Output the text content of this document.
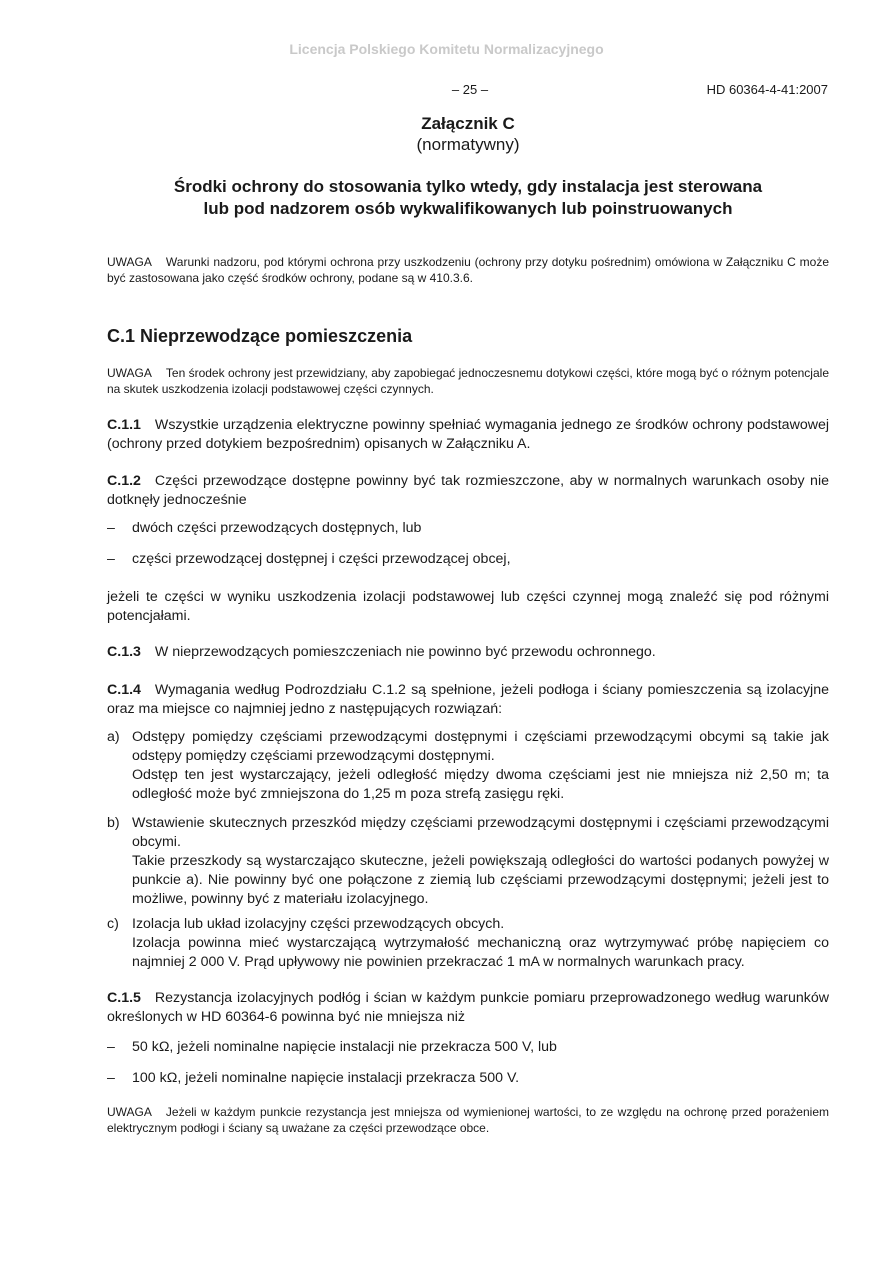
Licencja Polskiego Komitetu Normalizacyjnego
– 25 –	HD 60364-4-41:2007
Załącznik C
(normatywny)
Środki ochrony do stosowania tylko wtedy, gdy instalacja jest sterowana
lub pod nadzorem osób wykwalifikowanych lub poinstruowanych
UWAGA Warunki nadzoru, pod którymi ochrona przy uszkodzeniu (ochrony przy dotyku pośrednim) omówiona w Załączniku C może być zastosowana jako część środków ochrony, podane są w 410.3.6.
C.1 Nieprzewodzące pomieszczenia
UWAGA Ten środek ochrony jest przewidziany, aby zapobiegać jednoczesnemu dotykowi części, które mogą być o różnym potencjale na skutek uszkodzenia izolacji podstawowej części czynnych.
C.1.1 Wszystkie urządzenia elektryczne powinny spełniać wymagania jednego ze środków ochrony podstawowej (ochrony przed dotykiem bezpośrednim) opisanych w Załączniku A.
C.1.2 Części przewodzące dostępne powinny być tak rozmieszczone, aby w normalnych warunkach osoby nie dotknęły jednocześnie
– dwóch części przewodzących dostępnych, lub
– części przewodzącej dostępnej i części przewodzącej obcej,
jeżeli te części w wyniku uszkodzenia izolacji podstawowej lub części czynnej mogą znaleźć się pod różnymi potencjałami.
C.1.3 W nieprzewodzących pomieszczeniach nie powinno być przewodu ochronnego.
C.1.4 Wymagania według Podrozdziału C.1.2 są spełnione, jeżeli podłoga i ściany pomieszczenia są izolacyjne oraz ma miejsce co najmniej jedno z następujących rozwiązań:
a) Odstępy pomiędzy częściami przewodzącymi dostępnymi i częściami przewodzącymi obcymi są takie jak odstępy pomiędzy częściami przewodzącymi dostępnymi.
Odstęp ten jest wystarczający, jeżeli odległość między dwoma częściami jest nie mniejsza niż 2,50 m; ta odległość może być zmniejszona do 1,25 m poza strefą zasięgu ręki.
b) Wstawienie skutecznych przeszkód między częściami przewodzącymi dostępnymi i częściami przewodzącymi obcymi.
Takie przeszkody są wystarczająco skuteczne, jeżeli powiększają odległości do wartości podanych powyżej w punkcie a). Nie powinny być one połączone z ziemią lub częściami przewodzącymi dostępnymi; jeżeli jest to możliwe, powinny być z materiału izolacyjnego.
c) Izolacja lub układ izolacyjny części przewodzących obcych.
Izolacja powinna mieć wystarczającą wytrzymałość mechaniczną oraz wytrzymywać próbę napięciem co najmniej 2 000 V. Prąd upływowy nie powinien przekraczać 1 mA w normalnych warunkach pracy.
C.1.5 Rezystancja izolacyjnych podłóg i ścian w każdym punkcie pomiaru przeprowadzonego według warunków określonych w HD 60364-6 powinna być nie mniejsza niż
– 50 kΩ, jeżeli nominalne napięcie instalacji nie przekracza 500 V, lub
– 100 kΩ, jeżeli nominalne napięcie instalacji przekracza 500 V.
UWAGA Jeżeli w każdym punkcie rezystancja jest mniejsza od wymienionej wartości, to ze względu na ochronę przed porażeniem elektrycznym podłogi i ściany są uważane za części przewodzące obce.
